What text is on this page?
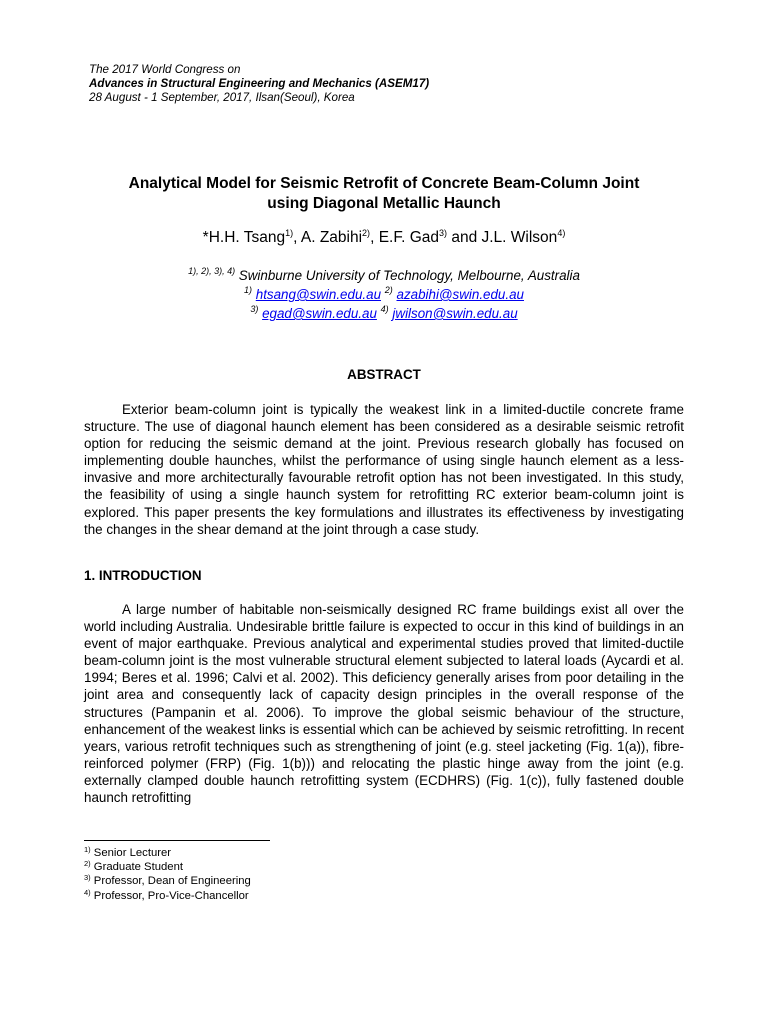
The 2017 World Congress on
Advances in Structural Engineering and Mechanics (ASEM17)
28 August - 1 September, 2017, Ilsan(Seoul), Korea
Analytical Model for Seismic Retrofit of Concrete Beam-Column Joint
using Diagonal Metallic Haunch
*H.H. Tsang$^{1)}$, A. Zabihi$^{2)}$, E.F. Gad$^{3)}$ and J.L. Wilson$^{4)}$
$^{1), 2), 3), 4)}$ Swinburne University of Technology, Melbourne, Australia
$^{1)}$ htsang@swin.edu.au $^{2)}$ azabihi@swin.edu.au
$^{3)}$ egad@swin.edu.au $^{4)}$ jwilson@swin.edu.au
ABSTRACT
Exterior beam-column joint is typically the weakest link in a limited-ductile concrete frame structure. The use of diagonal haunch element has been considered as a desirable seismic retrofit option for reducing the seismic demand at the joint. Previous research globally has focused on implementing double haunches, whilst the performance of using single haunch element as a less-invasive and more architecturally favourable retrofit option has not been investigated. In this study, the feasibility of using a single haunch system for retrofitting RC exterior beam-column joint is explored. This paper presents the key formulations and illustrates its effectiveness by investigating the changes in the shear demand at the joint through a case study.
1. INTRODUCTION
A large number of habitable non-seismically designed RC frame buildings exist all over the world including Australia. Undesirable brittle failure is expected to occur in this kind of buildings in an event of major earthquake. Previous analytical and experimental studies proved that limited-ductile beam-column joint is the most vulnerable structural element subjected to lateral loads (Aycardi et al. 1994; Beres et al. 1996; Calvi et al. 2002). This deficiency generally arises from poor detailing in the joint area and consequently lack of capacity design principles in the overall response of the structures (Pampanin et al. 2006). To improve the global seismic behaviour of the structure, enhancement of the weakest links is essential which can be achieved by seismic retrofitting. In recent years, various retrofit techniques such as strengthening of joint (e.g. steel jacketing (Fig. 1(a)), fibre-reinforced polymer (FRP) (Fig. 1(b))) and relocating the plastic hinge away from the joint (e.g. externally clamped double haunch retrofitting system (ECDHRS) (Fig. 1(c)), fully fastened double haunch retrofitting
$^{1)}$ Senior Lecturer
$^{2)}$ Graduate Student
$^{3)}$ Professor, Dean of Engineering
$^{4)}$ Professor, Pro-Vice-Chancellor
